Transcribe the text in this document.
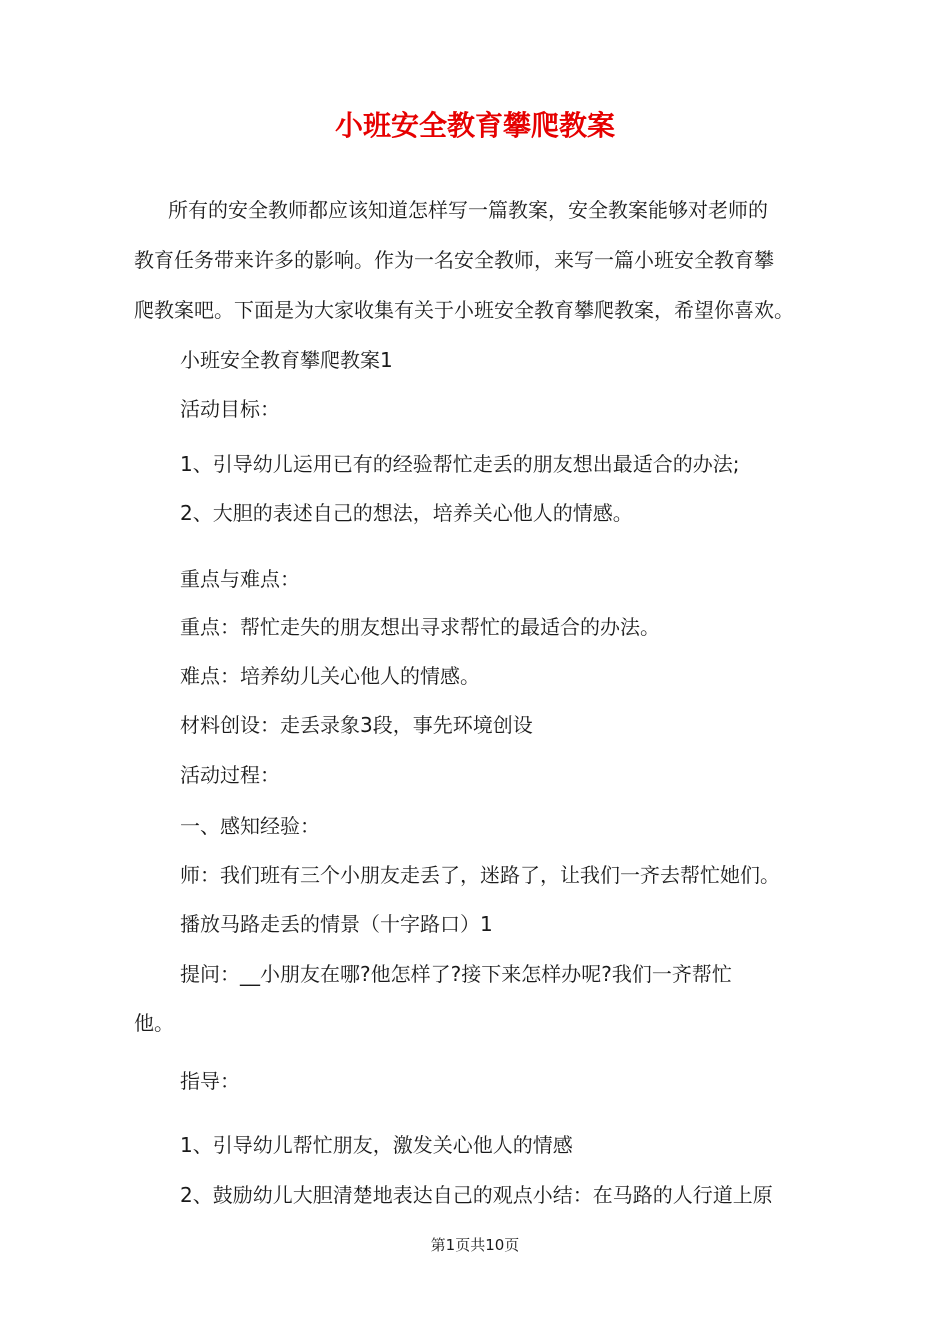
小班安全教育攀爬教案
所有的安全教师都应该知道怎样写一篇教案，安全教案能够对老师的
教育任务带来许多的影响。作为一名安全教师，来写一篇小班安全教育攀
爬教案吧。下面是为大家收集有关于小班安全教育攀爬教案，希望你喜欢。
小班安全教育攀爬教案1
活动目标：
1、引导幼儿运用已有的经验帮忙走丢的朋友想出最适合的办法;
2、大胆的表述自己的想法，培养关心他人的情感。
重点与难点：
重点：帮忙走失的朋友想出寻求帮忙的最适合的办法。
难点：培养幼儿关心他人的情感。
材料创设：走丢录象3段，事先环境创设
活动过程：
一、感知经验：
师：我们班有三个小朋友走丢了，迷路了，让我们一齐去帮忙她们。
播放马路走丢的情景（十字路口）1
提问：__小朋友在哪?他怎样了?接下来怎样办呢?我们一齐帮忙
他。
指导：
1、引导幼儿帮忙朋友，激发关心他人的情感
2、鼓励幼儿大胆清楚地表达自己的观点小结：在马路的人行道上原
第1页共10页
